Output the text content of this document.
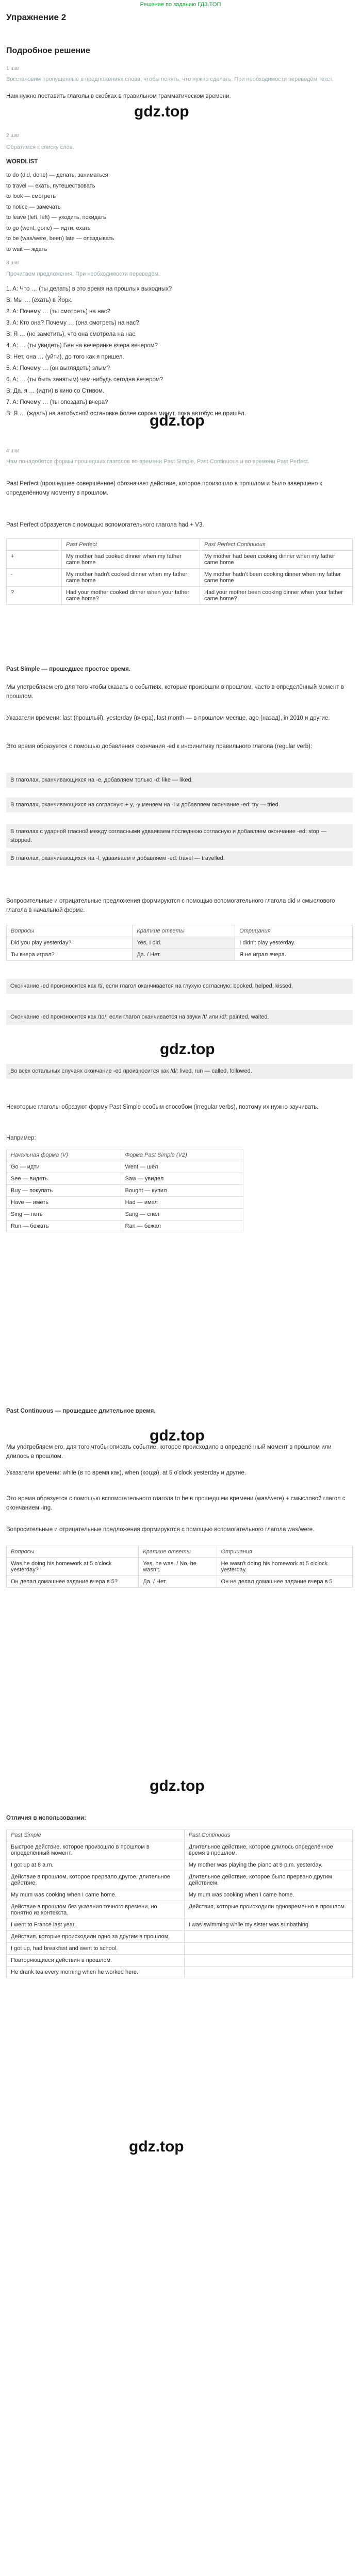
Решение по заданию ГДЗ.ТОП
Упражнение 2
Подробное решение
gdz.top
gdz.top
gdz.top
gdz.top
gdz.top
gdz.top
1 шаг
Восстановим пропущенные в предложениях слова, чтобы понять, что нужно сделать. При необходимости переведём текст.
Нам нужно поставить глаголы в скобках в правильном грамматическом времени.
2 шаг
Обратимся к списку слов.
WORDLIST
to do (did, done) — делать, заниматься
to travel — ехать, путешествовать
to look — смотреть
to notice — замечать
to leave (left, left) — уходить, покидать
to go (went, gone) — идти, ехать
to be (was/were, been) late — опаздывать
to wait — ждать
3 шаг
Прочитаем предложения. При необходимости переведём.
1. A: Что … (ты делать) в это время на прошлых выходных?
B: Мы … (ехать) в Йорк.
2. A: Почему … (ты смотреть) на нас?
3. A: Кто она? Почему … (она смотреть) на нас?
B: Я … (не заметить), что она смотрела на нас.
4. A: … (ты увидеть) Бен на вечеринке вчера вечером?
B: Нет, она … (уйти), до того как я пришел.
5. A: Почему … (он выглядеть) злым?
6. A: … (ты быть занятым) чем-нибудь сегодня вечером?
B: Да, я … (идти) в кино со Стивом.
7. A: Почему … (ты опоздать) вчера?
B: Я … (ждать) на автобусной остановке более сорока минут, пока автобус не пришёл.
4 шаг
Нам понадобятся формы прошедших глаголов во времени Past Simple, Past Continuous и во времени Past Perfect.
Past Perfect (прошедшее совершённое) обозначает действие, которое произошло в прошлом и было завершено к определённому моменту в прошлом.
Past Perfect образуется с помощью вспомогательного глагола had + V3.
	Past Perfect	Past Perfect Continuous
+	My mother had cooked dinner when my father came home	My mother had been cooking dinner when my father came home
-	My mother hadn't cooked dinner when my father came home	My mother hadn't been cooking dinner when my father came home
?	Had your mother cooked dinner when your father came home?	Had your mother been cooking dinner when your father came home?
Past Simple — прошедшее простое время.
Мы употребляем его для того чтобы сказать о событиях, которые произошли в прошлом, часто в определённый момент в прошлом.
Указатели времени: last (прошлый), yesterday (вчера), last month — в прошлом месяце, ago (назад), in 2010 и другие.
Это время образуется с помощью добавления окончания -ed к инфинитиву правильного глагола (regular verb):
В глаголах, оканчивающихся на -e, добавляем только -d: like — liked.
В глаголах, оканчивающихся на согласную + y, -y меняем на -i и добавляем окончание -ed: try — tried.
В глаголах с ударной гласной между согласными удваиваем последнюю согласную и добавляем окончание -ed: stop — stopped.
В глаголах, оканчивающихся на -l, удваиваем и добавляем -ed: travel — travelled.
Вопросительные и отрицательные предложения формируются с помощью вспомогательного глагола did и смыслового глагола в начальной форме.
Вопросы	Краткие ответы	Отрицания
Did you play yesterday?	Yes, I did.	I didn't play yesterday.
Ты вчера играл?	Да. / Нет.	Я не играл вчера.
Окончание -ed произносится как /t/, если глагол оканчивается на глухую согласную: booked, helped, kissed.
Окончание -ed произносится как /ɪd/, если глагол оканчивается на звуки /t/ или /d/: painted, waited.
Во всех остальных случаях окончание -ed произносится как /d/: lived, run — called, followed.
Некоторые глаголы образуют форму Past Simple особым способом (irregular verbs), поэтому их нужно заучивать.
Например:
Начальная форма (V)	Форма Past Simple (V2)
Go — идти	Went — шёл
See — видеть	Saw — увидел
Buy — покупать	Bought — купил
Have — иметь	Had — имел
Sing — петь	Sang — спел
Run — бежать	Ran — бежал
Past Continuous — прошедшее длительное время.
Мы употребляем его, для того чтобы описать событие, которое происходило в определённый момент в прошлом или длилось в прошлом.
Указатели времени: while (в то время как), when (когда), at 5 o'clock yesterday и другие.
Это время образуется с помощью вспомогательного глагола to be в прошедшем времени (was/were) + смысловой глагол с окончанием -ing.
Вопросительные и отрицательные предложения формируются с помощью вспомогательного глагола was/were.
Вопросы	Краткие ответы	Отрицания
Was he doing his homework at 5 o'clock yesterday?	Yes, he was. / No, he wasn't.	He wasn't doing his homework at 5 o'clock yesterday.
Он делал домашнее задание вчера в 5?	Да. / Нет.	Он не делал домашнее задание вчера в 5.
Отличия в использовании:
Past Simple	Past Continuous
Быстрое действие, которое произошло в прошлом в определённый момент.	Длительное действие, которое длилось определённое время в прошлом.
I got up at 8 a.m.	My mother was playing the piano at 9 p.m. yesterday.
Действие в прошлом, которое прервало другое, длительное действие.	Длительное действие, которое было прервано другим действием.
My mum was cooking when I came home.	My mum was cooking when I came home.
Действие в прошлом без указания точного времени, но понятно из контекста.	Действия, которые происходили одновременно в прошлом.
I went to France last year.	I was swimming while my sister was sunbathing.
Действия, которые происходили одно за другим в прошлом.	
I got up, had breakfast and went to school.	
Повторяющиеся действия в прошлом.	
He drank tea every morning when he worked here.	
